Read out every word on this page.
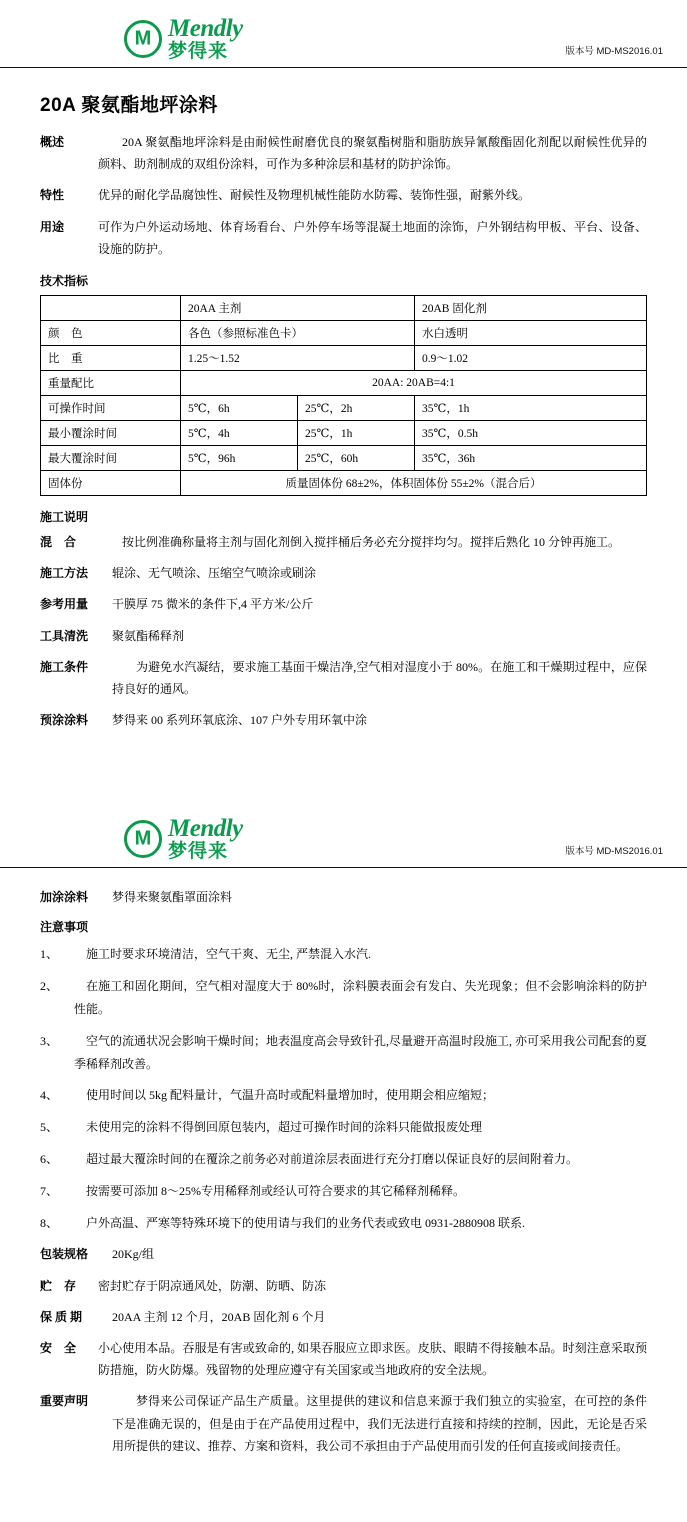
M
Mendly
梦得来	版本号 MD-MS2016.01
20A 聚氨酯地坪涂料
概述	20A 聚氨酯地坪涂料是由耐候性耐磨优良的聚氨酯树脂和脂肪族异氰酸酯固化剂配以耐候性优异的颜料、助剂制成的双组份涂料，可作为多种涂层和基材的防护涂饰。
特性	优异的耐化学品腐蚀性、耐候性及物理机械性能防水防霉、装饰性强，耐紫外线。
用途	可作为户外运动场地、体育场看台、户外停车场等混凝土地面的涂饰，户外钢结构甲板、平台、设备、设施的防护。
技术指标
	20AA 主剂		20AB 固化剂
颜　色	各色（参照标准色卡）		水白透明
比　重	1.25～1.52		0.9～1.02
重量配比	20AA: 20AB=4:1		
可操作时间	5℃，6h	25℃，2h	35℃，1h
最小覆涂时间	5℃，4h	25℃，1h	35℃，0.5h
最大覆涂时间	5℃，96h	25℃，60h	35℃，36h
固体份	质量固体份 68±2%，体积固体份 55±2%（混合后）		
施工说明
混　合	按比例准确称量将主剂与固化剂倒入搅拌桶后务必充分搅拌均匀。搅拌后熟化 10 分钟再施工。
施工方法	辊涂、无气喷涂、压缩空气喷涂或刷涂
参考用量	干膜厚 75 微米的条件下,4 平方米/公斤
工具清洗	聚氨酯稀释剂
施工条件	为避免水汽凝结，要求施工基面干燥洁净,空气相对湿度小于 80%。在施工和干燥期过程中，应保持良好的通风。
预涂涂料	梦得来 00 系列环氧底涂、107 户外专用环氧中涂
M
Mendly
梦得来	版本号 MD-MS2016.01
加涂涂料	梦得来聚氨酯罩面涂料
注意事项
1、	施工时要求环境清洁，空气干爽、无尘, 严禁混入水汽.
2、	在施工和固化期间，空气相对湿度大于 80%时，涂料膜表面会有发白、失光现象；但不会影响涂料的防护性能。
3、	空气的流通状况会影响干燥时间；地表温度高会导致针孔,尽量避开高温时段施工, 亦可采用我公司配套的夏季稀释剂改善。
4、	使用时间以 5kg 配料量计，气温升高时或配料量增加时，使用期会相应缩短；
5、	未使用完的涂料不得倒回原包装内，超过可操作时间的涂料只能做报废处理
6、	超过最大覆涂时间的在覆涂之前务必对前道涂层表面进行充分打磨以保证良好的层间附着力。
7、	按需要可添加 8～25%专用稀释剂或经认可符合要求的其它稀释剂稀释。
8、	户外高温、严寒等特殊环境下的使用请与我们的业务代表或致电 0931-2880908 联系.
包装规格	20Kg/组
贮　存	密封贮存于阴凉通风处，防潮、防晒、防冻
保 质 期	20AA 主剂 12 个月，20AB 固化剂 6 个月
安　全	小心使用本品。吞服是有害或致命的, 如果吞服应立即求医。皮肤、眼睛不得接触本品。时刻注意采取预防措施，防火防爆。残留物的处理应遵守有关国家或当地政府的安全法规。
重要声明	梦得来公司保证产品生产质量。这里提供的建议和信息来源于我们独立的实验室，在可控的条件下是准确无误的，但是由于在产品使用过程中，我们无法进行直接和持续的控制，因此，无论是否采用所提供的建议、推荐、方案和资料，我公司不承担由于产品使用而引发的任何直接或间接责任。
